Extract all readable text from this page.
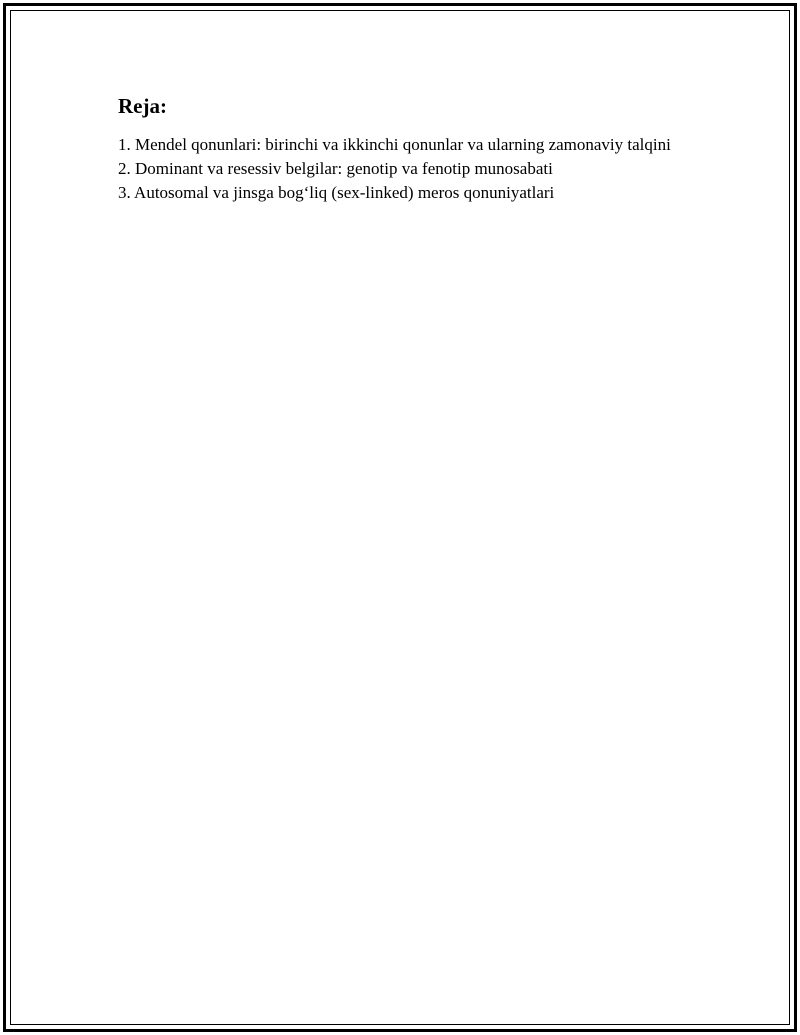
Reja:
1. Mendel qonunlari: birinchi va ikkinchi qonunlar va ularning zamonaviy talqini
2. Dominant va resessiv belgilar: genotip va fenotip munosabati
3. Autosomal va jinsga bog‘liq (sex-linked) meros qonuniyatlari
